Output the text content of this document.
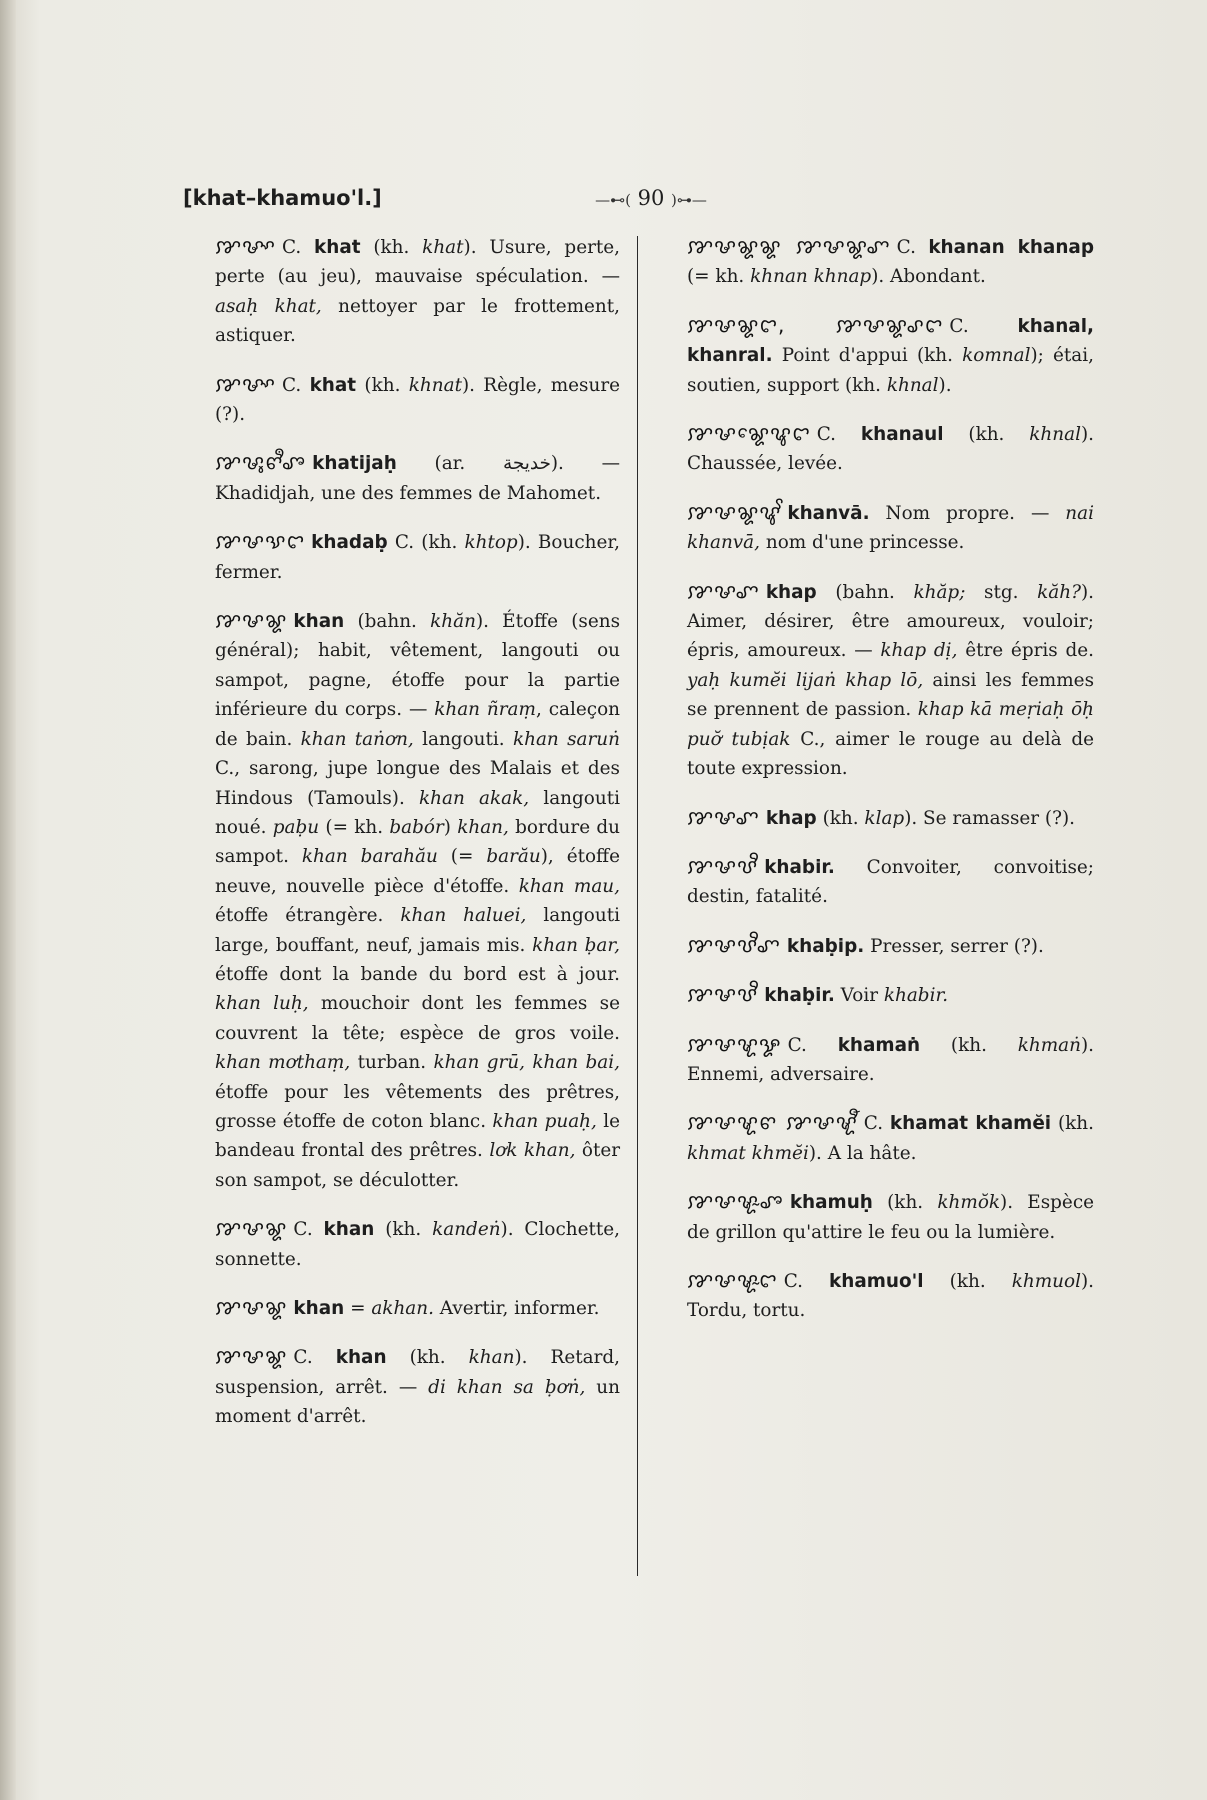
[khat–khamuo'l.]	—⊷( 90 )⊶—

ꨇꨔꨳ C. khat (kh. khat). Usure, perte, perte (au jeu), mauvaise spéculation. — asaḥ khat, nettoyer par le frottement, astiquer.

ꨇꨔꨳ C. khat (kh. khnat). Règle, mesure (?).

ꨇꨔꨶꨓꨫꨨ khatijaḥ (ar. خديجة). — Khadidjah, une des femmes de Mahomet.

ꨇꨔꨕꨤ khadaḅ C. (kh. khtop). Boucher, fermer.

ꨇꨔꨘ khan (bahn. khăn). Étoffe (sens général); habit, vêtement, langouti ou sampot, pagne, étoffe pour la partie inférieure du corps. — khan ñraṃ, caleçon de bain. khan taṅơn, langouti. khan saruṅ C., sarong, jupe longue des Malais et des Hindous (Tamouls). khan akak, langouti noué. paḅu (= kh. babór) khan, bordure du sampot. khan barahău (= barău), étoffe neuve, nouvelle pièce d'étoffe. khan mau, étoffe étrangère. khan haluei, langouti large, bouffant, neuf, jamais mis. khan ḅar, étoffe dont la bande du bord est à jour. khan luḥ, mouchoir dont les femmes se couvrent la tête; espèce de gros voile. khan mơthaṃ, turban. khan grū, khan bai, étoffe pour les vêtements des prêtres, grosse étoffe de coton blanc. khan puaḥ, le bandeau frontal des prêtres. lơk khan, ôter son sampot, se déculotter.

ꨇꨔꨘ C. khan (kh. kandeṅ). Clochette, sonnette.

ꨇꨔꨘ khan = akhan. Avertir, informer.

ꨇꨔꨘ C. khan (kh. khan). Retard, suspension, arrêt. — di khan sa ḅơṅ, un moment d'arrêt.

ꨇꨔꨘꨘ ꨇꨔꨘꨚ C. khanan khanap (= kh. khnan khnap). Abondant.

ꨇꨔꨘꨤ, ꨇꨔꨘꨣꨤ C. khanal, khanral. Point d'appui (kh. komnal); étai, soutien, support (kh. khnal).

ꨇꨔꨘꨯꨥꨤ C. khanaul (kh. khnal). Chaussée, levée.

ꨇꨔꨘꨥꨩ khanvā. Nom propre. — nai khanvā, nom d'une princesse.

ꨇꨔꨚ khap (bahn. khăp; stg. kăh?). Aimer, désirer, être amoureux, vouloir; épris, amoureux. — khap dị, être épris de. yaḥ kumĕi lijaṅ khap lō, ainsi les femmes se prennent de passion. khap kā meṛiaḥ ōḥ puơ̆ tubịak C., aimer le rouge au delà de toute expression.

ꨇꨔꨚ khap (kh. klap). Se ramasser (?).

ꨇꨔꨝꨪ khabir. Convoiter, convoitise; destin, fatalité.

ꨇꨔꨝꨪꨚ khaḅip. Presser, serrer (?).

ꨇꨔꨝꨪ khaḅir. Voir khabir.

ꨇꨔꨠꨋ C. khamaṅ (kh. khmaṅ). Ennemi, adversaire.

ꨇꨔꨠꨓ ꨇꨔꨠꨬ C. khamat khamĕi (kh. khmat khmĕi). A la hâte.

ꨇꨔꨠꨭꨨ khamuḥ (kh. khmŏk). Espèce de grillon qu'attire le feu ou la lumière.

ꨇꨔꨠꨭꨤ C. khamuo'l (kh. khmuol). Tordu, tortu.
